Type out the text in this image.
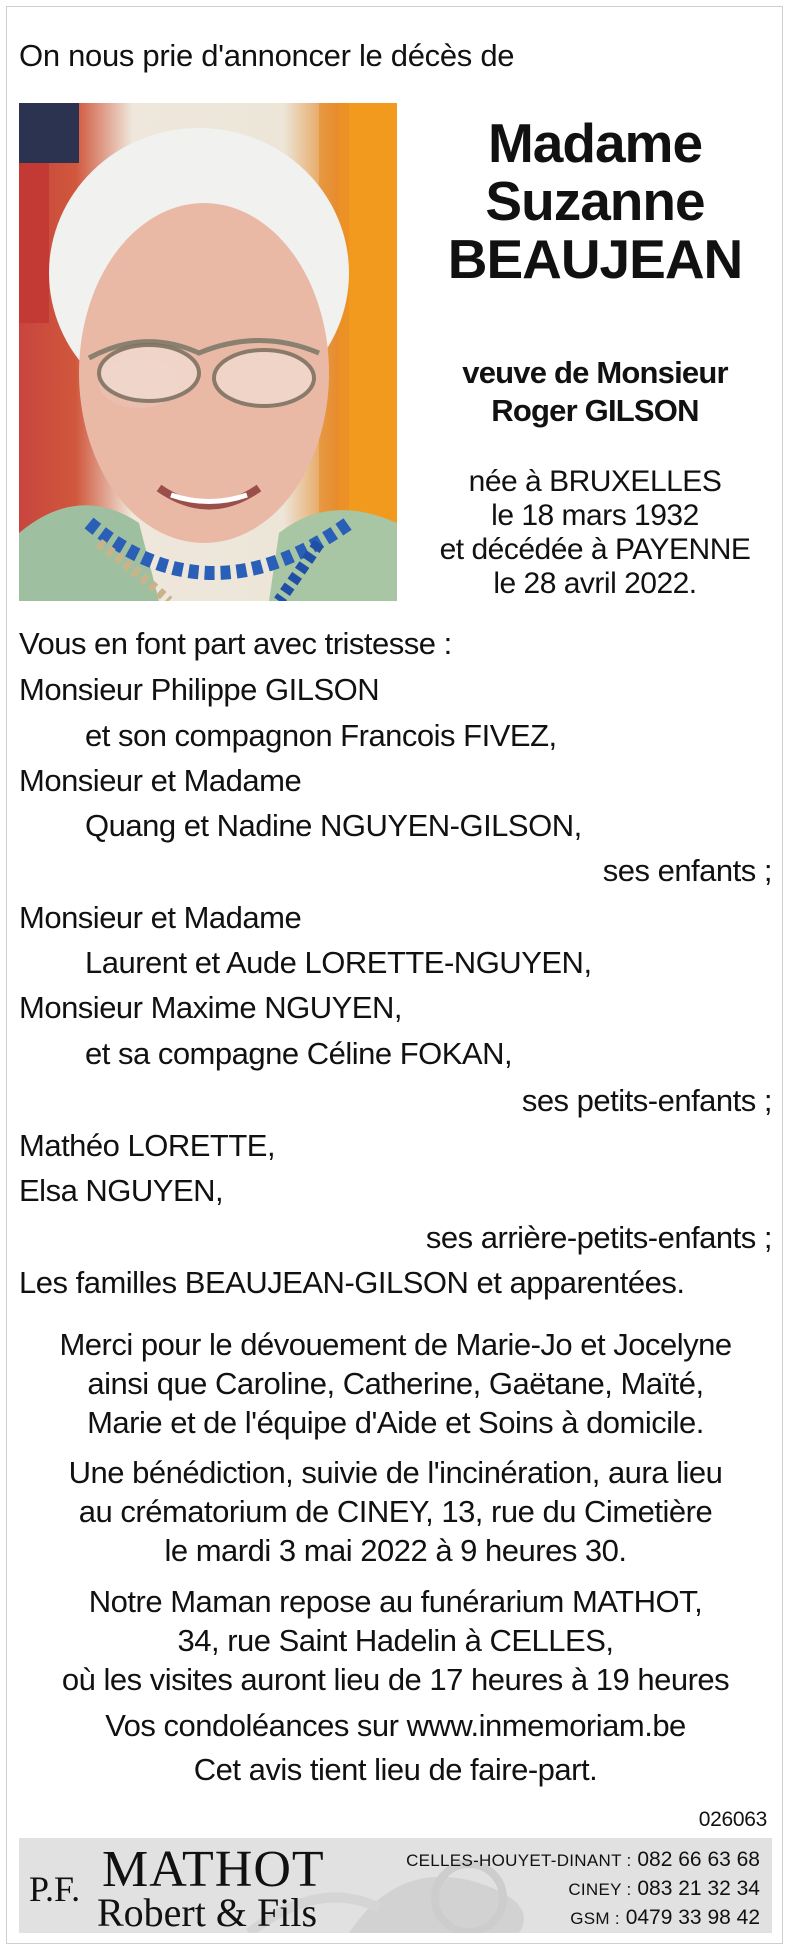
On nous prie d'annoncer le décès de
Madame
Suzanne
BEAUJEAN
veuve de Monsieur
Roger GILSON
née à BRUXELLES
le 18 mars 1932
et décédée à PAYENNE
le 28 avril 2022.
Vous en font part avec tristesse :
Monsieur Philippe GILSON
et son compagnon Francois FIVEZ,
Monsieur et Madame
Quang et Nadine NGUYEN-GILSON,
ses enfants ;
Monsieur et Madame
Laurent et Aude LORETTE-NGUYEN,
Monsieur Maxime NGUYEN,
et sa compagne Céline FOKAN,
ses petits-enfants ;
Mathéo LORETTE,
Elsa NGUYEN,
ses arrière-petits-enfants ;
Les familles BEAUJEAN-GILSON et apparentées.
Merci pour le dévouement de Marie-Jo et Jocelyne
ainsi que Caroline, Catherine, Gaëtane, Maïté,
Marie et de l'équipe d'Aide et Soins à domicile.
Une bénédiction, suivie de l'incinération, aura lieu
au crématorium de CINEY, 13, rue du Cimetière
le mardi 3 mai 2022 à 9 heures 30.
Notre Maman repose au funérarium MATHOT,
34, rue Saint Hadelin à CELLES,
où les visites auront lieu de 17 heures à 19 heures
Vos condoléances sur www.inmemoriam.be
Cet avis tient lieu de faire-part.
026063
P.F. MATHOT
Robert & Fils
CELLES-HOUYET-DINANT : 082 66 63 68
CINEY : 083 21 32 34
GSM : 0479 33 98 42
